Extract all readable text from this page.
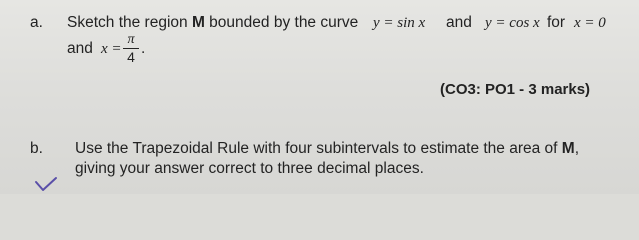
a. Sketch the region M bounded by the curve y = sin x and y = cos x for x = 0
and $x = \frac{\pi}{4}$ .
(CO3: PO1 - 3 marks)
b. Use the Trapezoidal Rule with four subintervals to estimate the area of M,
giving your answer correct to three decimal places.
